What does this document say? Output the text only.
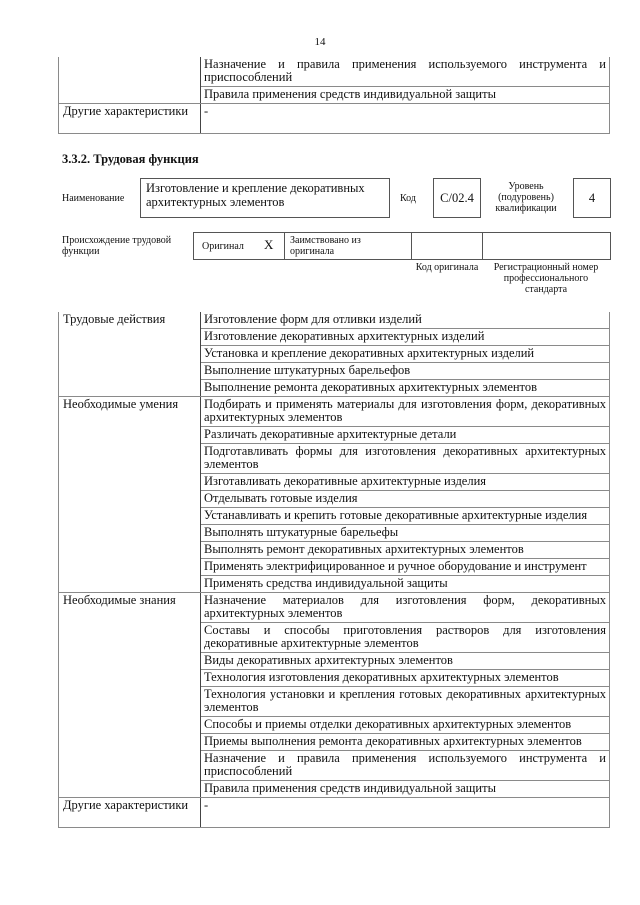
14
	Назначение и правила применения используемого инструмента и приспособлений
	Правила применения средств индивидуальной защиты
Другие характеристики	-
3.3.2. Трудовая функция
Наименование
Изготовление и крепление декоративных архитектурных элементов	Код	С/02.4
Уровень (подуровень) квалификации
4
Происхождение трудовой функции	Оригинал X	Заимствовано из оригинала
Код оригинала	Регистрационный номер профессионального стандарта
Трудовые действия	Изготовление форм для отливки изделий
	Изготовление декоративных архитектурных изделий
	Установка и крепление декоративных архитектурных изделий
	Выполнение штукатурных барельефов
	Выполнение ремонта декоративных архитектурных элементов
Необходимые умения	Подбирать и применять материалы для изготовления форм, декоративных архитектурных элементов
	Различать декоративные архитектурные детали
	Подготавливать формы для изготовления декоративных архитектурных элементов
	Изготавливать декоративные архитектурные изделия
	Отделывать готовые изделия
	Устанавливать и крепить готовые декоративные архитектурные изделия
	Выполнять штукатурные барельефы
	Выполнять ремонт декоративных архитектурных элементов
	Применять электрифицированное и ручное оборудование и инструмент
	Применять средства индивидуальной защиты
Необходимые знания	Назначение материалов для изготовления форм, декоративных архитектурных элементов
	Составы и способы приготовления растворов для изготовления декоративные архитектурные элементов
	Виды декоративных архитектурных элементов
	Технология изготовления декоративных архитектурных элементов
	Технология установки и крепления готовых декоративных архитектурных элементов
	Способы и приемы отделки декоративных архитектурных элементов
	Приемы выполнения ремонта декоративных архитектурных элементов
	Назначение и правила применения используемого инструмента и приспособлений
	Правила применения средств индивидуальной защиты
Другие характеристики	-
